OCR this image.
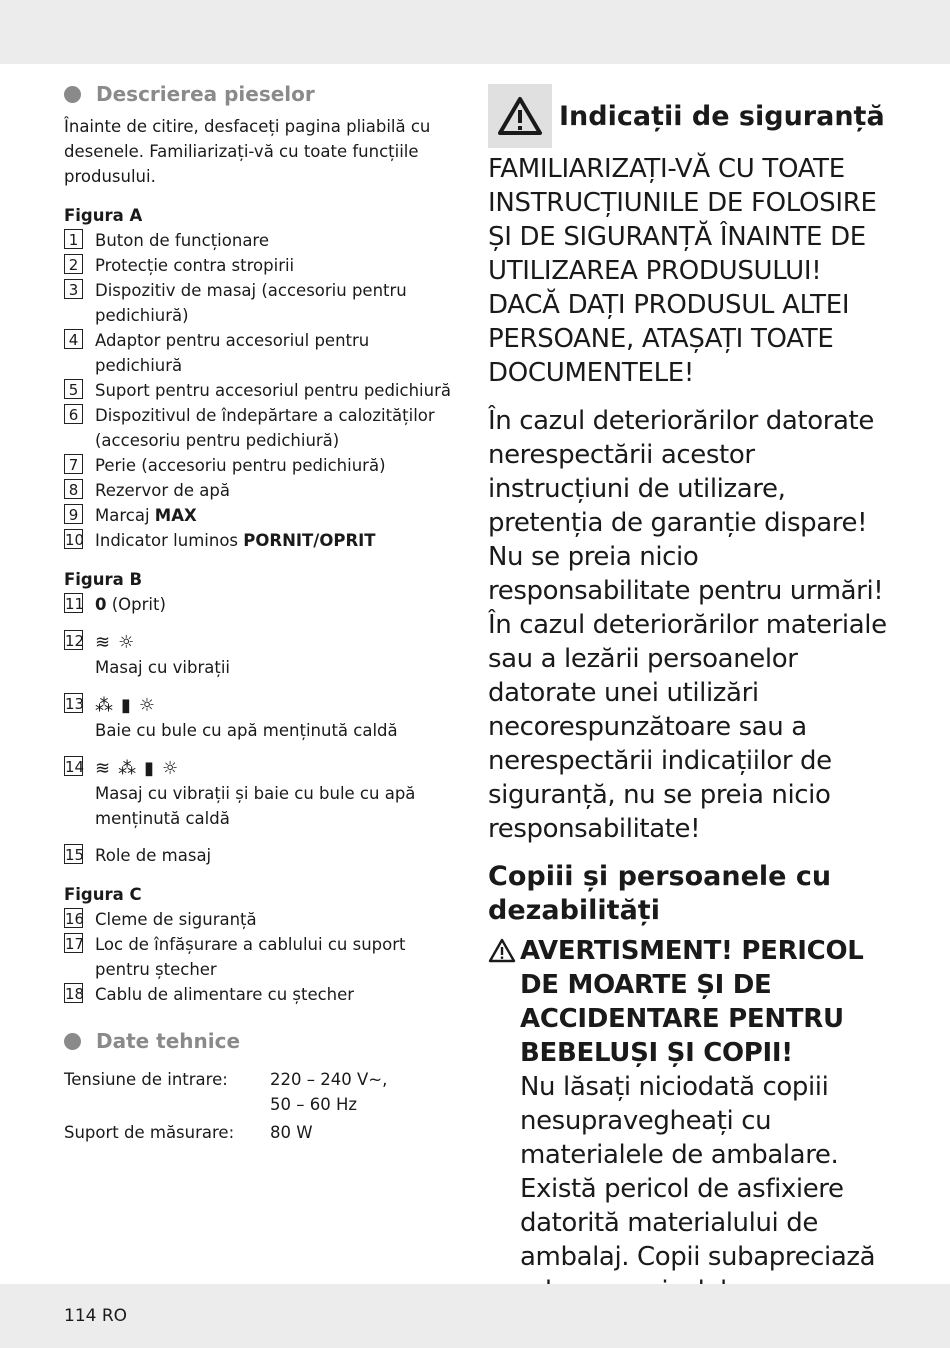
Descrierea pieselor
Înainte de citire, desfaceți pagina pliabilă cu desenele. Familiarizați-vă cu toate funcțiile produsului.
Figura A
1 Buton de funcționare
2 Protecție contra stropirii
3 Dispozitiv de masaj (accesoriu pentru pedichiură)
4 Adaptor pentru accesoriul pentru pedichiură
5 Suport pentru accesoriul pentru pedichiură
6 Dispozitivul de îndepărtare a calozităților (accesoriu pentru pedichiură)
7 Perie (accesoriu pentru pedichiură)
8 Rezervor de apă
9 Marcaj MAX
10 Indicator luminos PORNIT/OPRIT
Figura B
11 0 (Oprit)
12 ≋ ☼
Masaj cu vibrații
13 ⁂ ▮ ☼
Baie cu bule cu apă menținută caldă
14 ≋ ⁂ ▮ ☼
Masaj cu vibrații și baie cu bule cu apă menținută caldă
15 Role de masaj
Figura C
16 Cleme de siguranță
17 Loc de înfășurare a cablului cu suport pentru ștecher
18 Cablu de alimentare cu ștecher
Date tehnice
Tensiune de intrare:	220 – 240 V~,
50 – 60 Hz
Suport de măsurare:	80 W
Indicații de siguranță
FAMILIARIZAȚI-VĂ CU TOATE INSTRUCȚIUNILE DE FOLOSIRE ȘI DE SIGURANȚĂ ÎNAINTE DE UTILIZAREA PRODUSULUI! DACĂ DAȚI PRODUSUL ALTEI PERSOANE, ATAȘAȚI TOATE DOCUMENTELE!
În cazul deteriorărilor datorate nerespectării acestor instrucțiuni de utilizare, pretenția de garanție dispare! Nu se preia nicio responsabilitate pentru urmări!
În cazul deteriorărilor materiale sau a lezării persoanelor datorate unei utilizări necorespunzătoare sau a nerespectării indicațiilor de siguranță, nu se preia nicio responsabilitate!
Copiii și persoanele cu dezabilități
AVERTISMENT! PERICOL DE MOARTE ȘI DE ACCIDENTARE PENTRU BEBELUȘI ȘI COPII!
Nu lăsați niciodată copiii nesupravegheați cu materialele de ambalare. Există pericol de asfixiere datorită materialului de ambalaj. Copii subapreciază
114 RO
